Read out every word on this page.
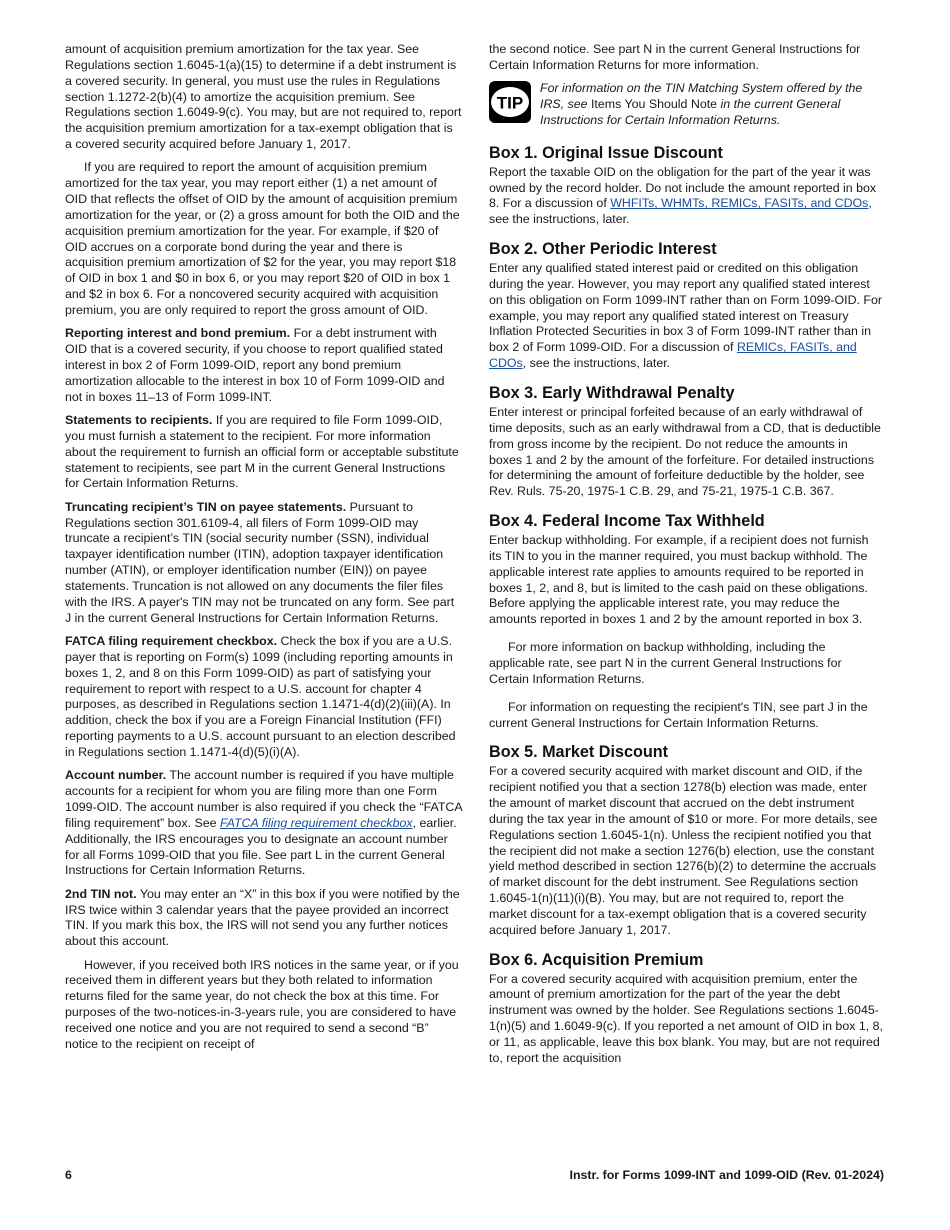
amount of acquisition premium amortization for the tax year. See Regulations section 1.6045-1(a)(15) to determine if a debt instrument is a covered security. In general, you must use the rules in Regulations section 1.1272-2(b)(4) to amortize the acquisition premium. See Regulations section 1.6049-9(c). You may, but are not required to, report the acquisition premium amortization for a tax-exempt obligation that is a covered security acquired before January 1, 2017.

If you are required to report the amount of acquisition premium amortized for the tax year, you may report either (1) a net amount of OID that reflects the offset of OID by the amount of acquisition premium amortization for the year, or (2) a gross amount for both the OID and the acquisition premium amortization for the year. For example, if $20 of OID accrues on a corporate bond during the year and there is acquisition premium amortization of $2 for the year, you may report $18 of OID in box 1 and $0 in box 6, or you may report $20 of OID in box 1 and $2 in box 6. For a noncovered security acquired with acquisition premium, you are only required to report the gross amount of OID.

Reporting interest and bond premium. For a debt instrument with OID that is a covered security, if you choose to report qualified stated interest in box 2 of Form 1099-OID, report any bond premium amortization allocable to the interest in box 10 of Form 1099-OID and not in boxes 11–13 of Form 1099-INT.

Statements to recipients. If you are required to file Form 1099-OID, you must furnish a statement to the recipient. For more information about the requirement to furnish an official form or acceptable substitute statement to recipients, see part M in the current General Instructions for Certain Information Returns.

Truncating recipient’s TIN on payee statements. Pursuant to Regulations section 301.6109-4, all filers of Form 1099-OID may truncate a recipient’s TIN (social security number (SSN), individual taxpayer identification number (ITIN), adoption taxpayer identification number (ATIN), or employer identification number (EIN)) on payee statements. Truncation is not allowed on any documents the filer files with the IRS. A payer's TIN may not be truncated on any form. See part J in the current General Instructions for Certain Information Returns.

FATCA filing requirement checkbox. Check the box if you are a U.S. payer that is reporting on Form(s) 1099 (including reporting amounts in boxes 1, 2, and 8 on this Form 1099-OID) as part of satisfying your requirement to report with respect to a U.S. account for chapter 4 purposes, as described in Regulations section 1.1471-4(d)(2)(iii)(A). In addition, check the box if you are a Foreign Financial Institution (FFI) reporting payments to a U.S. account pursuant to an election described in Regulations section 1.1471-4(d)(5)(i)(A).

Account number. The account number is required if you have multiple accounts for a recipient for whom you are filing more than one Form 1099-OID. The account number is also required if you check the “FATCA filing requirement” box. See FATCA filing requirement checkbox, earlier. Additionally, the IRS encourages you to designate an account number for all Forms 1099-OID that you file. See part L in the current General Instructions for Certain Information Returns.

2nd TIN not. You may enter an “X” in this box if you were notified by the IRS twice within 3 calendar years that the payee provided an incorrect TIN. If you mark this box, the IRS will not send you any further notices about this account.

However, if you received both IRS notices in the same year, or if you received them in different years but they both related to information returns filed for the same year, do not check the box at this time. For purposes of the two-notices-in-3-years rule, you are considered to have received one notice and you are not required to send a second “B” notice to the recipient on receipt of

the second notice. See part N in the current General Instructions for Certain Information Returns for more information.

TIP
For information on the TIN Matching System offered by the IRS, see Items You Should Note in the current General Instructions for Certain Information Returns.
Box 1. Original Issue Discount

Report the taxable OID on the obligation for the part of the year it was owned by the record holder. Do not include the amount reported in box 8. For a discussion of WHFITs, WHMTs, REMICs, FASITs, and CDOs, see the instructions, later.

Box 2. Other Periodic Interest

Enter any qualified stated interest paid or credited on this obligation during the year. However, you may report any qualified stated interest on this obligation on Form 1099-INT rather than on Form 1099-OID. For example, you may report any qualified stated interest on Treasury Inflation Protected Securities in box 3 of Form 1099-INT rather than in box 2 of Form 1099-OID. For a discussion of REMICs, FASITs, and CDOs, see the instructions, later.

Box 3. Early Withdrawal Penalty

Enter interest or principal forfeited because of an early withdrawal of time deposits, such as an early withdrawal from a CD, that is deductible from gross income by the recipient. Do not reduce the amounts in boxes 1 and 2 by the amount of the forfeiture. For detailed instructions for determining the amount of forfeiture deductible by the holder, see Rev. Ruls. 75-20, 1975-1 C.B. 29, and 75-21, 1975-1 C.B. 367.

Box 4. Federal Income Tax Withheld

Enter backup withholding. For example, if a recipient does not furnish its TIN to you in the manner required, you must backup withhold. The applicable interest rate applies to amounts required to be reported in boxes 1, 2, and 8, but is limited to the cash paid on these obligations. Before applying the applicable interest rate, you may reduce the amounts reported in boxes 1 and 2 by the amount reported in box 3.

For more information on backup withholding, including the applicable rate, see part N in the current General Instructions for Certain Information Returns.

For information on requesting the recipient's TIN, see part J in the current General Instructions for Certain Information Returns.

Box 5. Market Discount

For a covered security acquired with market discount and OID, if the recipient notified you that a section 1278(b) election was made, enter the amount of market discount that accrued on the debt instrument during the tax year in the amount of $10 or more. For more details, see Regulations section 1.6045-1(n). Unless the recipient notified you that the recipient did not make a section 1276(b) election, use the constant yield method described in section 1276(b)(2) to determine the accruals of market discount for the debt instrument. See Regulations section 1.6045-1(n)(11)(i)(B). You may, but are not required to, report the market discount for a tax-exempt obligation that is a covered security acquired before January 1, 2017.

Box 6. Acquisition Premium

For a covered security acquired with acquisition premium, enter the amount of premium amortization for the part of the year the debt instrument was owned by the holder. See Regulations sections 1.6045-1(n)(5) and 1.6049-9(c). If you reported a net amount of OID in box 1, 8, or 11, as applicable, leave this box blank. You may, but are not required to, report the acquisition

6	Instr. for Forms 1099-INT and 1099-OID (Rev. 01-2024)
